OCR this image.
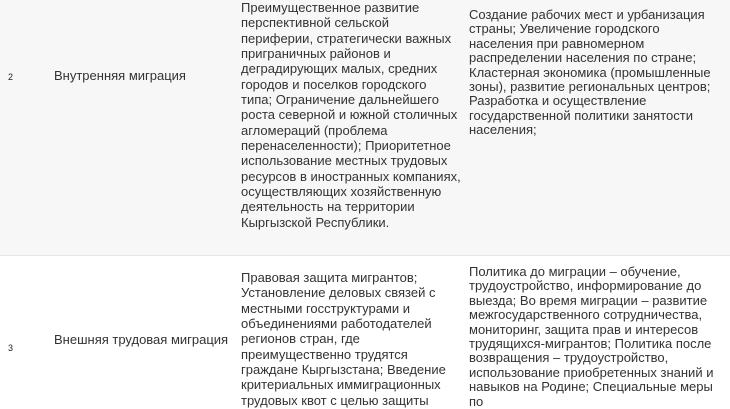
2	Внутренняя миграция
Преимущественное развитие перспективной сельской периферии, стратегически важных приграничных районов и деградирующих малых, средних городов и поселков городского типа; Ограничение дальнейшего роста северной и южной столичных агломераций (проблема перенаселенности); Приоритетное использование местных трудовых ресурсов в иностранных компаниях, осуществляющих хозяйственную деятельность на территории Кыргызской Республики.
Создание рабочих мест и урбанизация страны; Увеличение городского населения при равномерном распределении населения по стране; Кластерная экономика (промышленные зоны), развитие региональных центров; Разработка и осуществление государственной политики занятости населения;
3
Внешняя трудовая миграция
Правовая защита мигрантов; Установление деловых связей с местными госструктурами и объединениями работодателей регионов стран, где преимущественно трудятся граждане Кыргызстана; Введение критериальных иммиграционных трудовых квот с целью защиты
Политика до миграции – обучение, трудоустройство, информирование до выезда; Во время миграции – развитие межгосударственного сотрудничества, мониторинг, защита прав и интересов трудящихся-мигрантов; Политика после возвращения – трудоустройство, использование приобретенных знаний и навыков на Родине; Специальные меры по
